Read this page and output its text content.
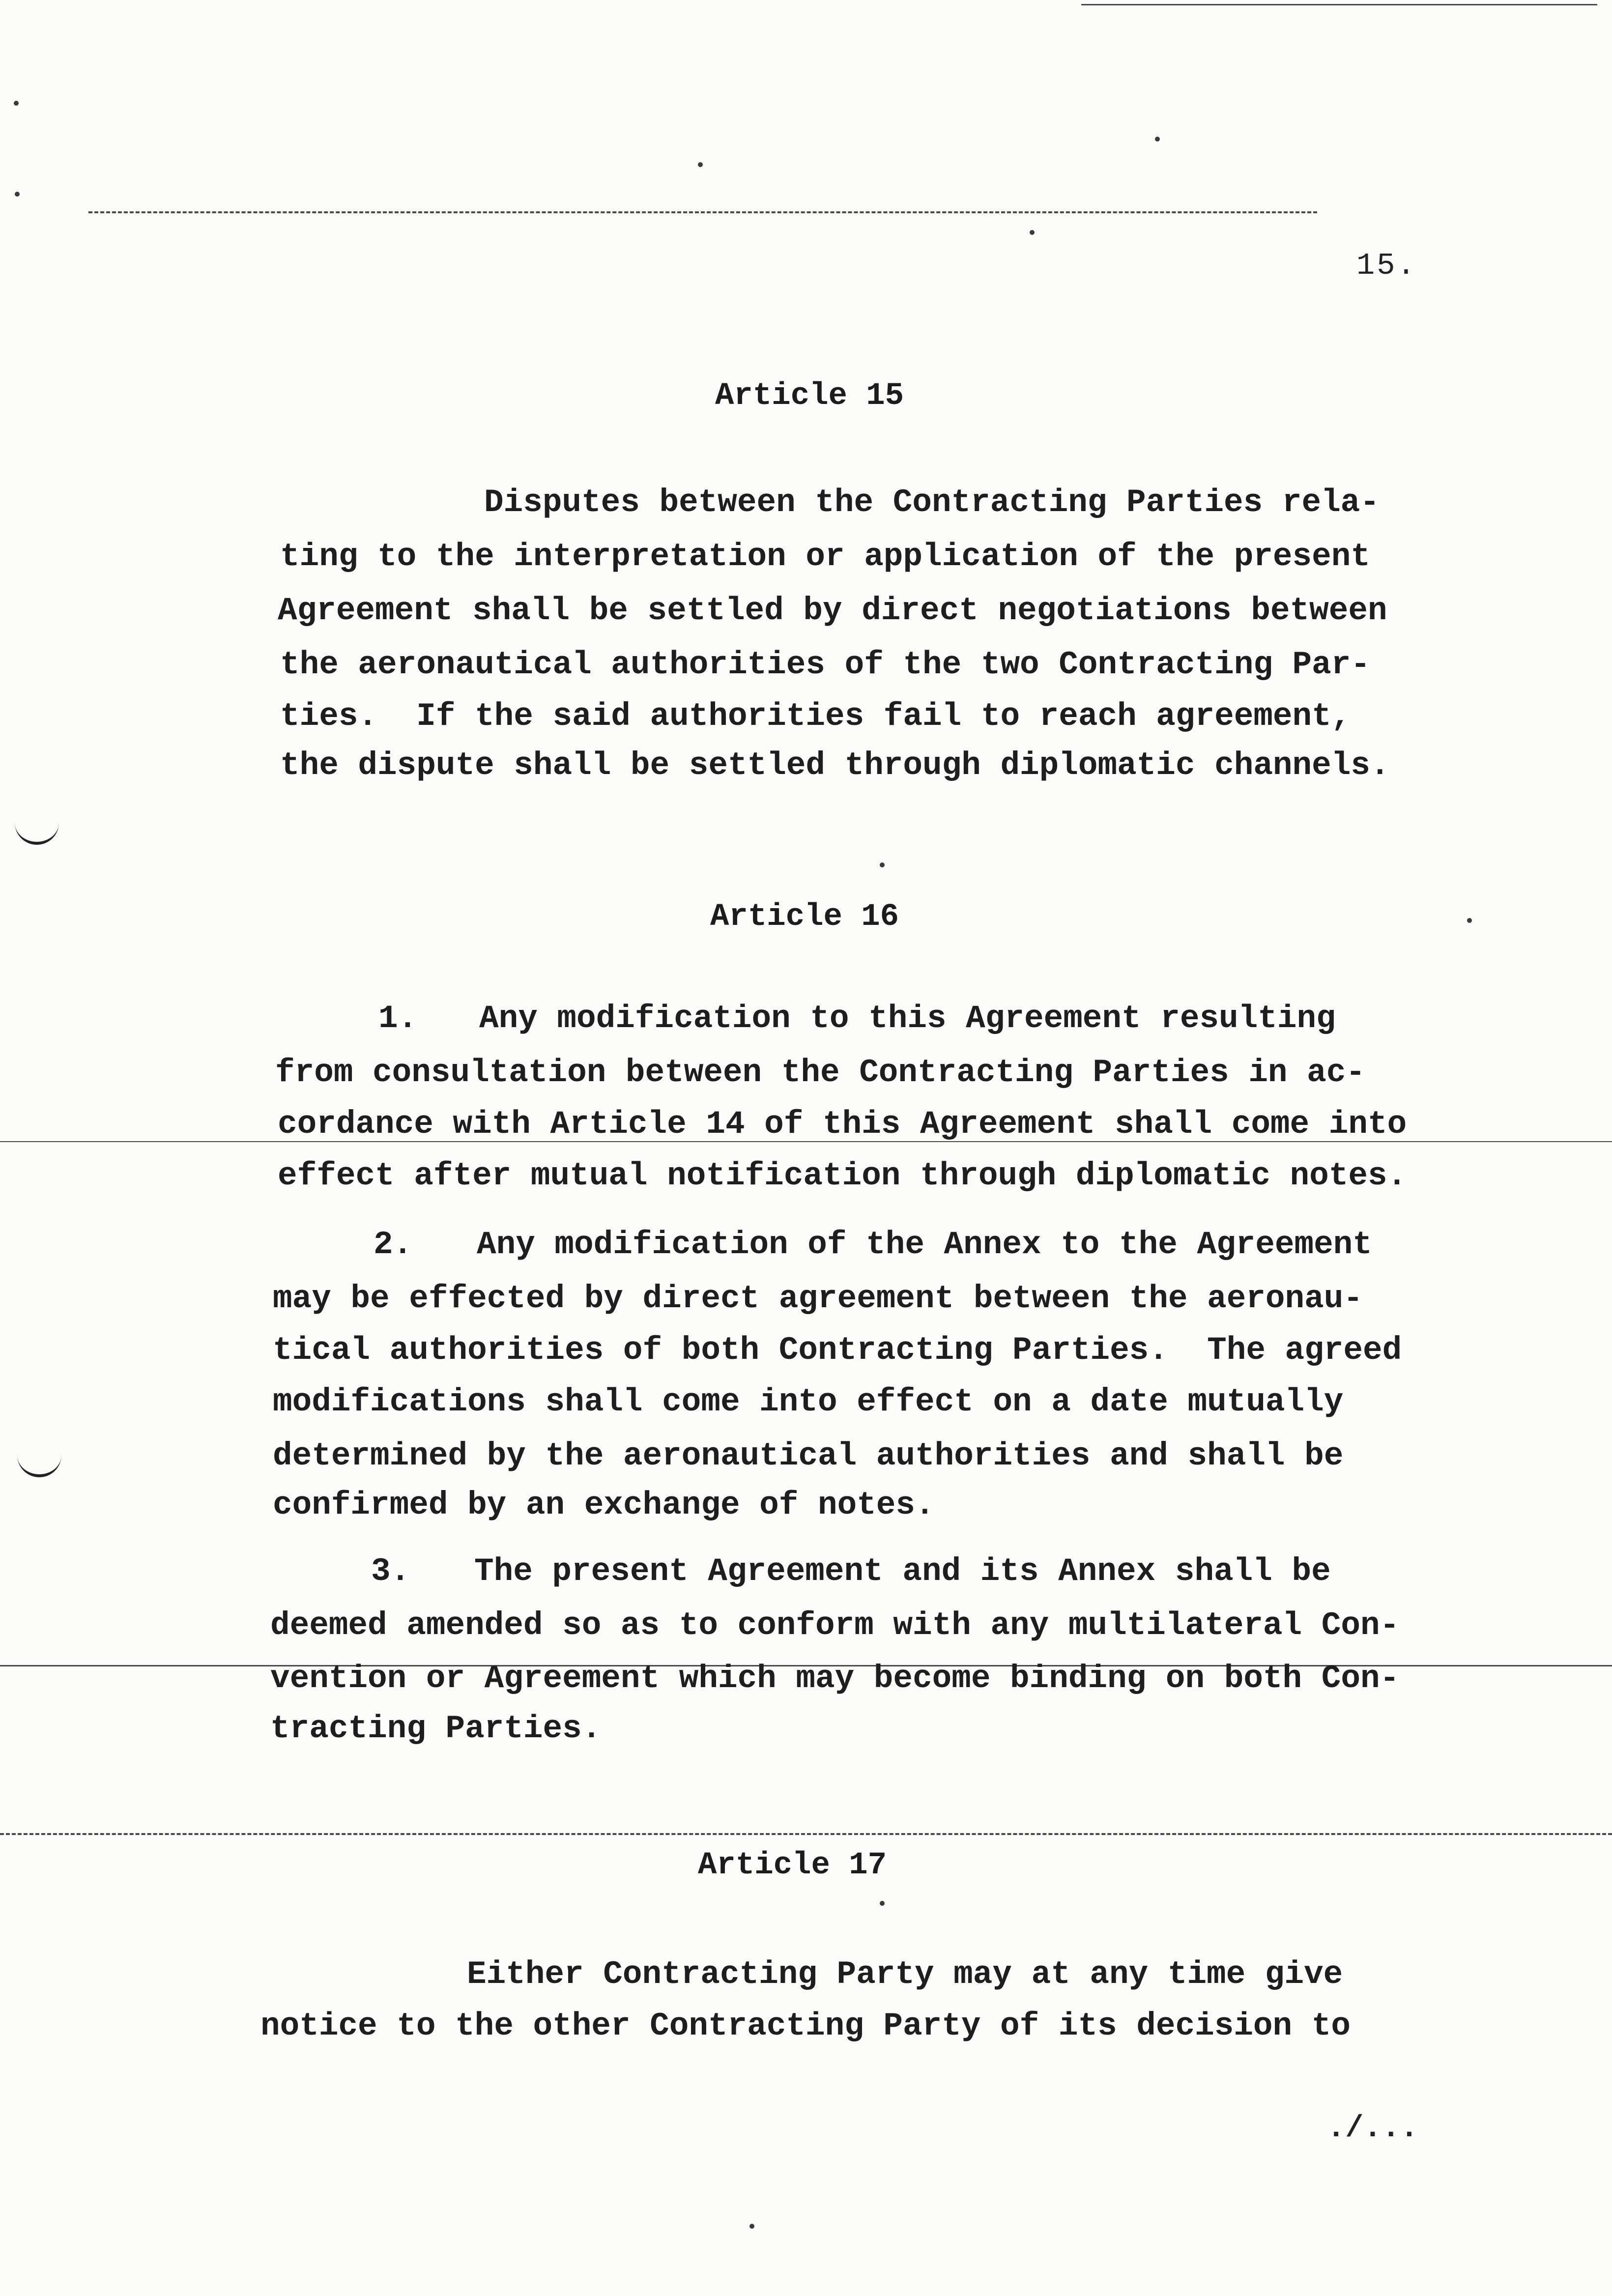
15.
Article 15
Disputes between the Contracting Parties rela-
ting to the interpretation or application of the present
Agreement shall be settled by direct negotiations between
the aeronautical authorities of the two Contracting Par-
ties.  If the said authorities fail to reach agreement,
the dispute shall be settled through diplomatic channels.
Article 16
1. Any modification to this Agreement resulting
from consultation between the Contracting Parties in ac-
cordance with Article 14 of this Agreement shall come into
effect after mutual notification through diplomatic notes.
2. Any modification of the Annex to the Agreement
may be effected by direct agreement between the aeronau-
tical authorities of both Contracting Parties.  The agreed
modifications shall come into effect on a date mutually
determined by the aeronautical authorities and shall be
confirmed by an exchange of notes.
3. The present Agreement and its Annex shall be
deemed amended so as to conform with any multilateral Con-
vention or Agreement which may become binding on both Con-
tracting Parties.
Article 17
Either Contracting Party may at any time give
notice to the other Contracting Party of its decision to
./...
